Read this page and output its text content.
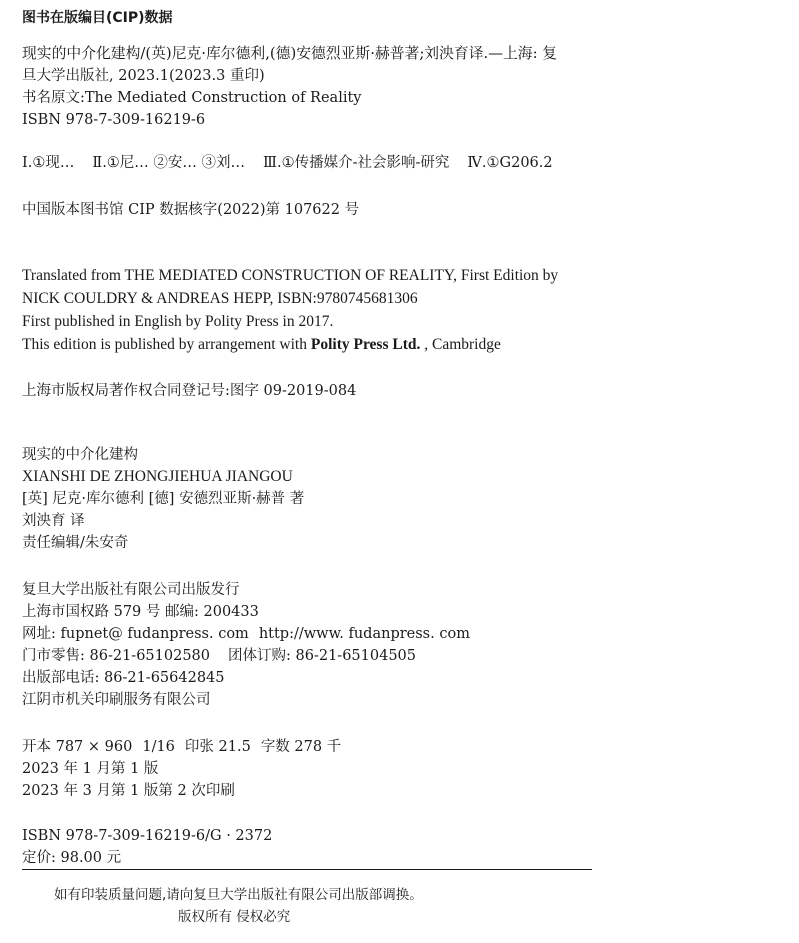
图书在版编目(CIP)数据
现实的中介化建构/(英)尼克·库尔德利,(德)安德烈亚斯·赫普著;刘泱育译.—上海: 复
旦大学出版社, 2023.1(2023.3 重印)
书名原文:The Mediated Construction of Reality
ISBN 978-7-309-16219-6
Ⅰ.①现… Ⅱ.①尼… ②安… ③刘… Ⅲ.①传播媒介-社会影响-研究 Ⅳ.①G206.2
中国版本图书馆 CIP 数据核字(2022)第 107622 号
Translated from THE MEDIATED CONSTRUCTION OF REALITY, First Edition by
NICK COULDRY & ANDREAS HEPP, ISBN:9780745681306
First published in English by Polity Press in 2017.
This edition is published by arrangement with Polity Press Ltd. , Cambridge
上海市版权局著作权合同登记号:图字 09-2019-084
现实的中介化建构
XIANSHI DE ZHONGJIEHUA JIANGOU
[英] 尼克·库尔德利 [德] 安德烈亚斯·赫普 著
刘泱育 译
责任编辑/朱安奇
复旦大学出版社有限公司出版发行
上海市国权路 579 号 邮编: 200433
网址: fupnet@ fudanpress. com http://www. fudanpress. com
门市零售: 86-21-65102580 团体订购: 86-21-65104505
出版部电话: 86-21-65642845
江阴市机关印刷服务有限公司
开本 787 × 960 1/16 印张 21.5 字数 278 千
2023 年 1 月第 1 版
2023 年 3 月第 1 版第 2 次印刷
ISBN 978-7-309-16219-6/G · 2372
定价: 98.00 元
如有印装质量问题,请向复旦大学出版社有限公司出版部调换。
版权所有 侵权必究
